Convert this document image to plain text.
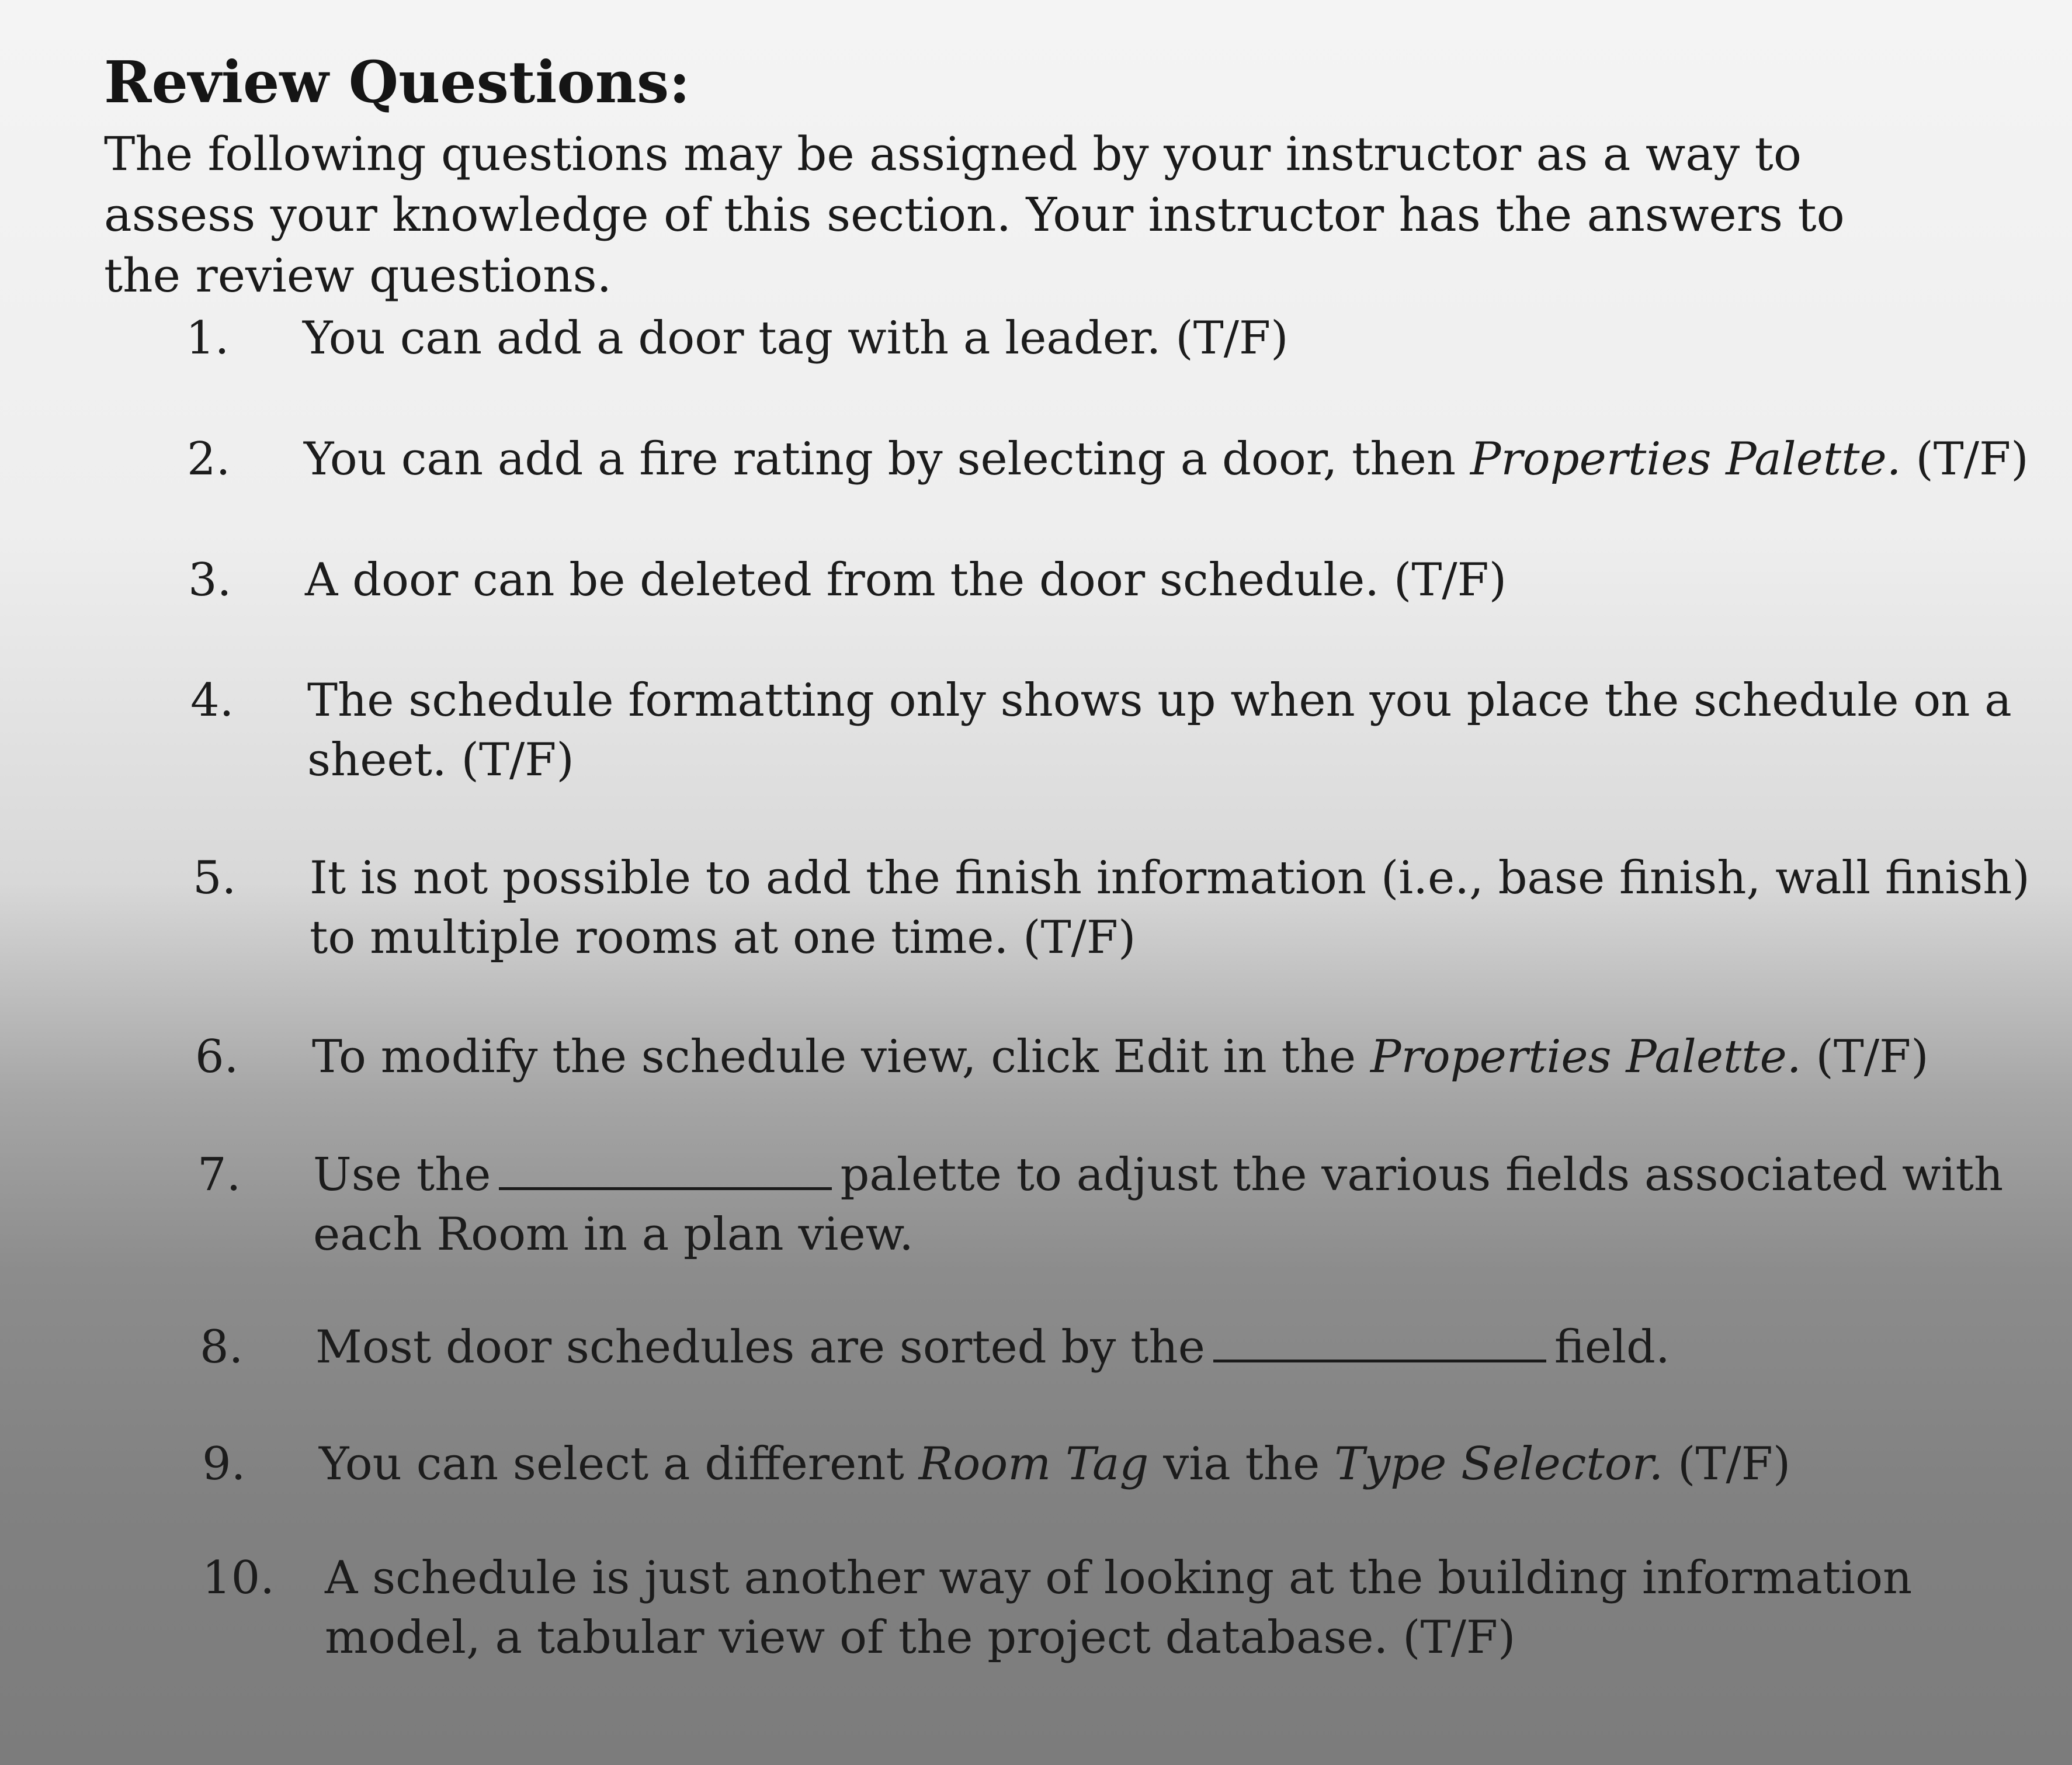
Review Questions:
The following questions may be assigned by your instructor as a way to assess your knowledge of this section. Your instructor has the answers to the review questions.
1. You can add a door tag with a leader. (T/F)
2. You can add a fire rating by selecting a door, then Properties Palette. (T/F)
3. A door can be deleted from the door schedule. (T/F)
4. The schedule formatting only shows up when you place the schedule on a sheet. (T/F)
5. It is not possible to add the finish information (i.e., base finish, wall finish) to multiple rooms at one time. (T/F)
6. To modify the schedule view, click Edit in the Properties Palette. (T/F)
7. Use the	palette to adjust the various fields associated with each Room in a plan view.
8. Most door schedules are sorted by the	field.
9. You can select a different Room Tag via the Type Selector. (T/F)
10. A schedule is just another way of looking at the building information model, a tabular view of the project database. (T/F)
